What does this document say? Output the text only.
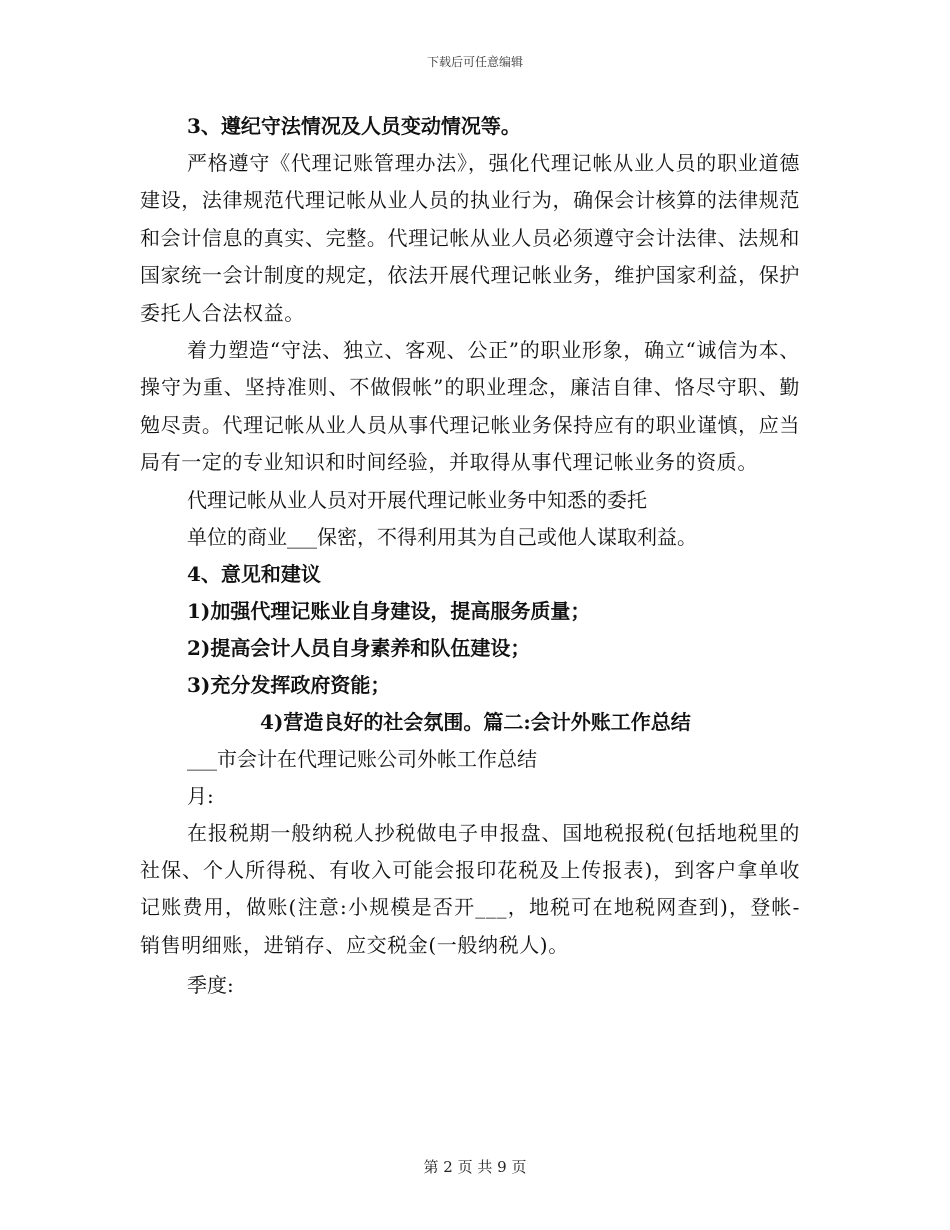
下载后可任意编辑

3、遵纪守法情况及人员变动情况等。

严格遵守《代理记账管理办法》，强化代理记帐从业人员的职业道德建设，法律规范代理记帐从业人员的执业行为，确保会计核算的法律规范和会计信息的真实、完整。代理记帐从业人员必须遵守会计法律、法规和国家统一会计制度的规定，依法开展代理记帐业务，维护国家利益，保护委托人合法权益。

着力塑造“守法、独立、客观、公正”的职业形象，确立“诚信为本、操守为重、坚持准则、不做假帐”的职业理念，廉洁自律、恪尽守职、勤勉尽责。代理记帐从业人员从事代理记帐业务保持应有的职业谨慎，应当局有一定的专业知识和时间经验，并取得从事代理记帐业务的资质。

代理记帐从业人员对开展代理记帐业务中知悉的委托

单位的商业___保密，不得利用其为自己或他人谋取利益。

4、意见和建议

1)加强代理记账业自身建设，提高服务质量；

2)提高会计人员自身素养和队伍建设；

3)充分发挥政府资能；

4)营造良好的社会氛围。篇二:会计外账工作总结

___市会计在代理记账公司外帐工作总结

月:

在报税期一般纳税人抄税做电子申报盘、国地税报税(包括地税里的社保、个人所得税、有收入可能会报印花税及上传报表)，到客户拿单收记账费用，做账(注意:小规模是否开___，地税可在地税网查到)，登帐-销售明细账，进销存、应交税金(一般纳税人)。

季度:

第 2 页 共 9 页
